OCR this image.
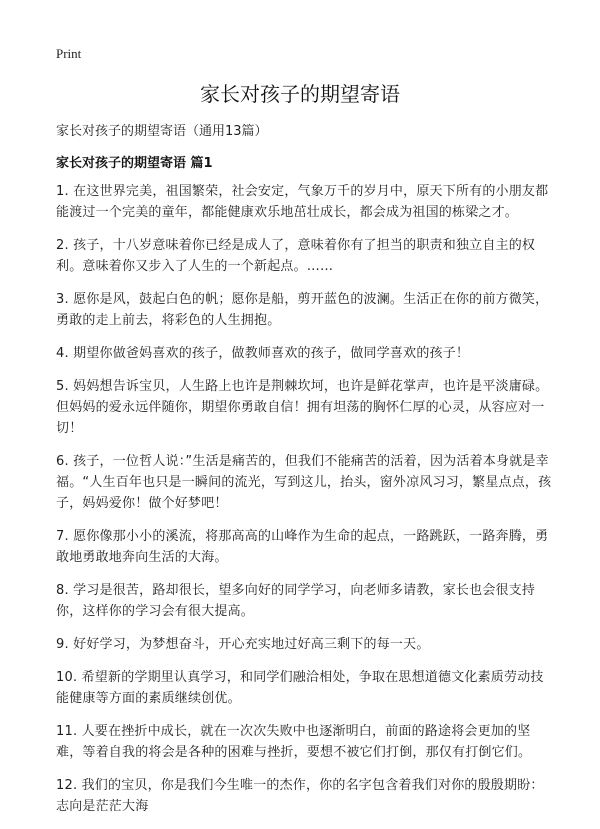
Print
家长对孩子的期望寄语
家长对孩子的期望寄语（通用13篇）
家长对孩子的期望寄语 篇1

1. 在这世界完美，祖国繁荣，社会安定，气象万千的岁月中，原天下所有的小朋友都能渡过一个完美的童年，都能健康欢乐地茁壮成长，都会成为祖国的栋梁之才。

2. 孩子，十八岁意味着你已经是成人了，意味着你有了担当的职责和独立自主的权利。意味着你又步入了人生的一个新起点。……

3. 愿你是风，鼓起白色的帆；愿你是船，剪开蓝色的波澜。生活正在你的前方微笑，勇敢的走上前去，将彩色的人生拥抱。

4. 期望你做爸妈喜欢的孩子，做教师喜欢的孩子，做同学喜欢的孩子！

5. 妈妈想告诉宝贝，人生路上也许是荆棘坎坷，也许是鲜花掌声，也许是平淡庸碌。但妈妈的爱永远伴随你，期望你勇敢自信！拥有坦荡的胸怀仁厚的心灵，从容应对一切！

6. 孩子，一位哲人说：”生活是痛苦的，但我们不能痛苦的活着，因为活着本身就是幸福。“人生百年也只是一瞬间的流光，写到这儿，抬头，窗外凉风习习，繁星点点，孩子，妈妈爱你！做个好梦吧！

7. 愿你像那小小的溪流，将那高高的山峰作为生命的起点，一路跳跃，一路奔腾，勇敢地勇敢地奔向生活的大海。

8. 学习是很苦，路却很长，望多向好的同学学习，向老师多请教，家长也会很支持你，这样你的学习会有很大提高。

9. 好好学习，为梦想奋斗，开心充实地过好高三剩下的每一天。

10. 希望新的学期里认真学习，和同学们融洽相处，争取在思想道德文化素质劳动技能健康等方面的素质继续创优。

11. 人要在挫折中成长，就在一次次失败中也逐渐明白，前面的路途将会更加的坚难，等着自我的将会是各种的困难与挫折，要想不被它们打倒，那仅有打倒它们。

12. 我们的宝贝，你是我们今生唯一的杰作，你的名字包含着我们对你的殷殷期盼：志向是茫茫大海
